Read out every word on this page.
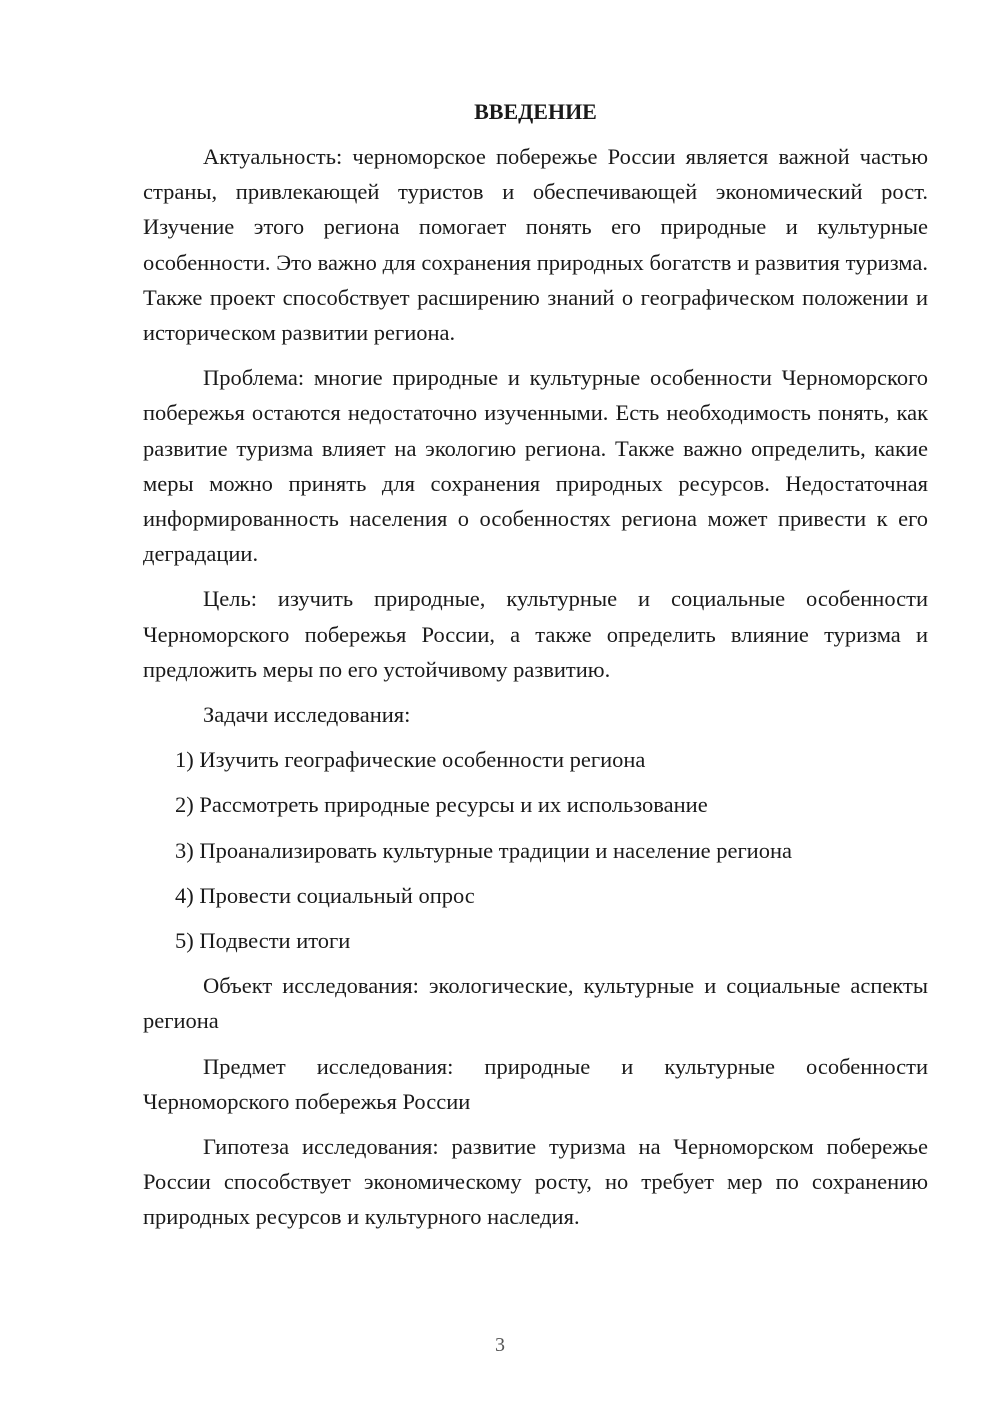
ВВЕДЕНИЕ

Актуальность: черноморское побережье России является важной частью страны, привлекающей туристов и обеспечивающей экономический рост. Изучение этого региона помогает понять его природные и культурные особенности. Это важно для сохранения природных богатств и развития туризма. Также проект способствует расширению знаний о географическом положении и историческом развитии региона.

Проблема: многие природные и культурные особенности Черноморского побережья остаются недостаточно изученными. Есть необходимость понять, как развитие туризма влияет на экологию региона. Также важно определить, какие меры можно принять для сохранения природных ресурсов. Недостаточная информированность населения о особенностях региона может привести к его деградации.

Цель: изучить природные, культурные и социальные особенности Черноморского побережья России, а также определить влияние туризма и предложить меры по его устойчивому развитию.

Задачи исследования:

1) Изучить географические особенности региона
2) Рассмотреть природные ресурсы и их использование
3) Проанализировать культурные традиции и население региона
4) Провести социальный опрос
5) Подвести итоги

Объект исследования: экологические, культурные и социальные аспекты региона

Предмет исследования: природные и культурные особенности Черноморского побережья России

Гипотеза исследования: развитие туризма на Черноморском побережье России способствует экономическому росту, но требует мер по сохранению природных ресурсов и культурного наследия.

3
